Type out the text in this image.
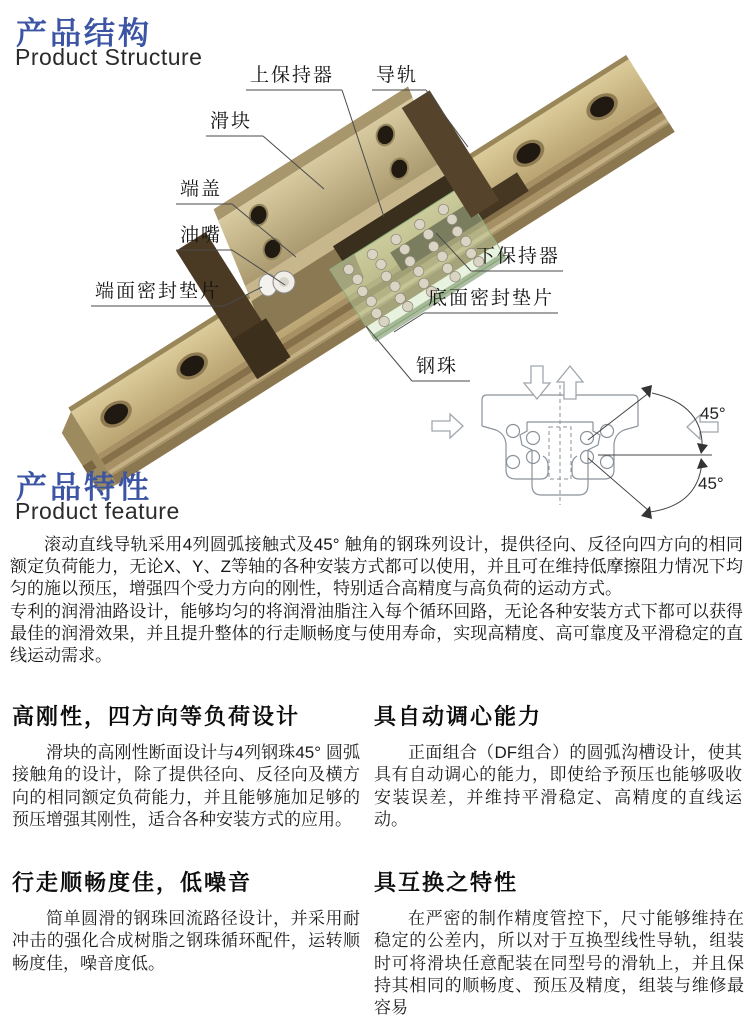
产品结构
Product Structure
上保持器 导轨
滑块
端盖
油嘴
端面密封垫片
下保持器
底面密封垫片
钢珠
45°
45°
产品特性
Product feature

滚动直线导轨采用4列圆弧接触式及45° 触角的钢珠列设计，提供径向、反径向四方向的相同额定负荷能力，无论X、Y、Z等轴的各种安装方式都可以使用，并且可在维持低摩擦阻力情况下均匀的施以预压，增强四个受力方向的刚性，特别适合高精度与高负荷的运动方式。

专利的润滑油路设计，能够均匀的将润滑油脂注入每个循环回路，无论各种安装方式下都可以获得最佳的润滑效果，并且提升整体的行走顺畅度与使用寿命，实现高精度、高可靠度及平滑稳定的直线运动需求。

高刚性，四方向等负荷设计

滑块的高刚性断面设计与4列钢珠45° 圆弧接触角的设计，除了提供径向、反径向及横方向的相同额定负荷能力，并且能够施加足够的预压增强其刚性，适合各种安装方式的应用。

具自动调心能力

正面组合（DF组合）的圆弧沟槽设计，使其具有自动调心的能力，即使给予预压也能够吸收安装误差，并维持平滑稳定、高精度的直线运动。

行走顺畅度佳，低噪音

简单圆滑的钢珠回流路径设计，并采用耐冲击的强化合成树脂之钢珠循环配件，运转顺畅度佳，噪音度低。

具互换之特性

在严密的制作精度管控下，尺寸能够维持在稳定的公差内，所以对于互换型线性导轨，组装时可将滑块任意配装在同型号的滑轨上，并且保持其相同的顺畅度、预压及精度，组装与维修最容易
